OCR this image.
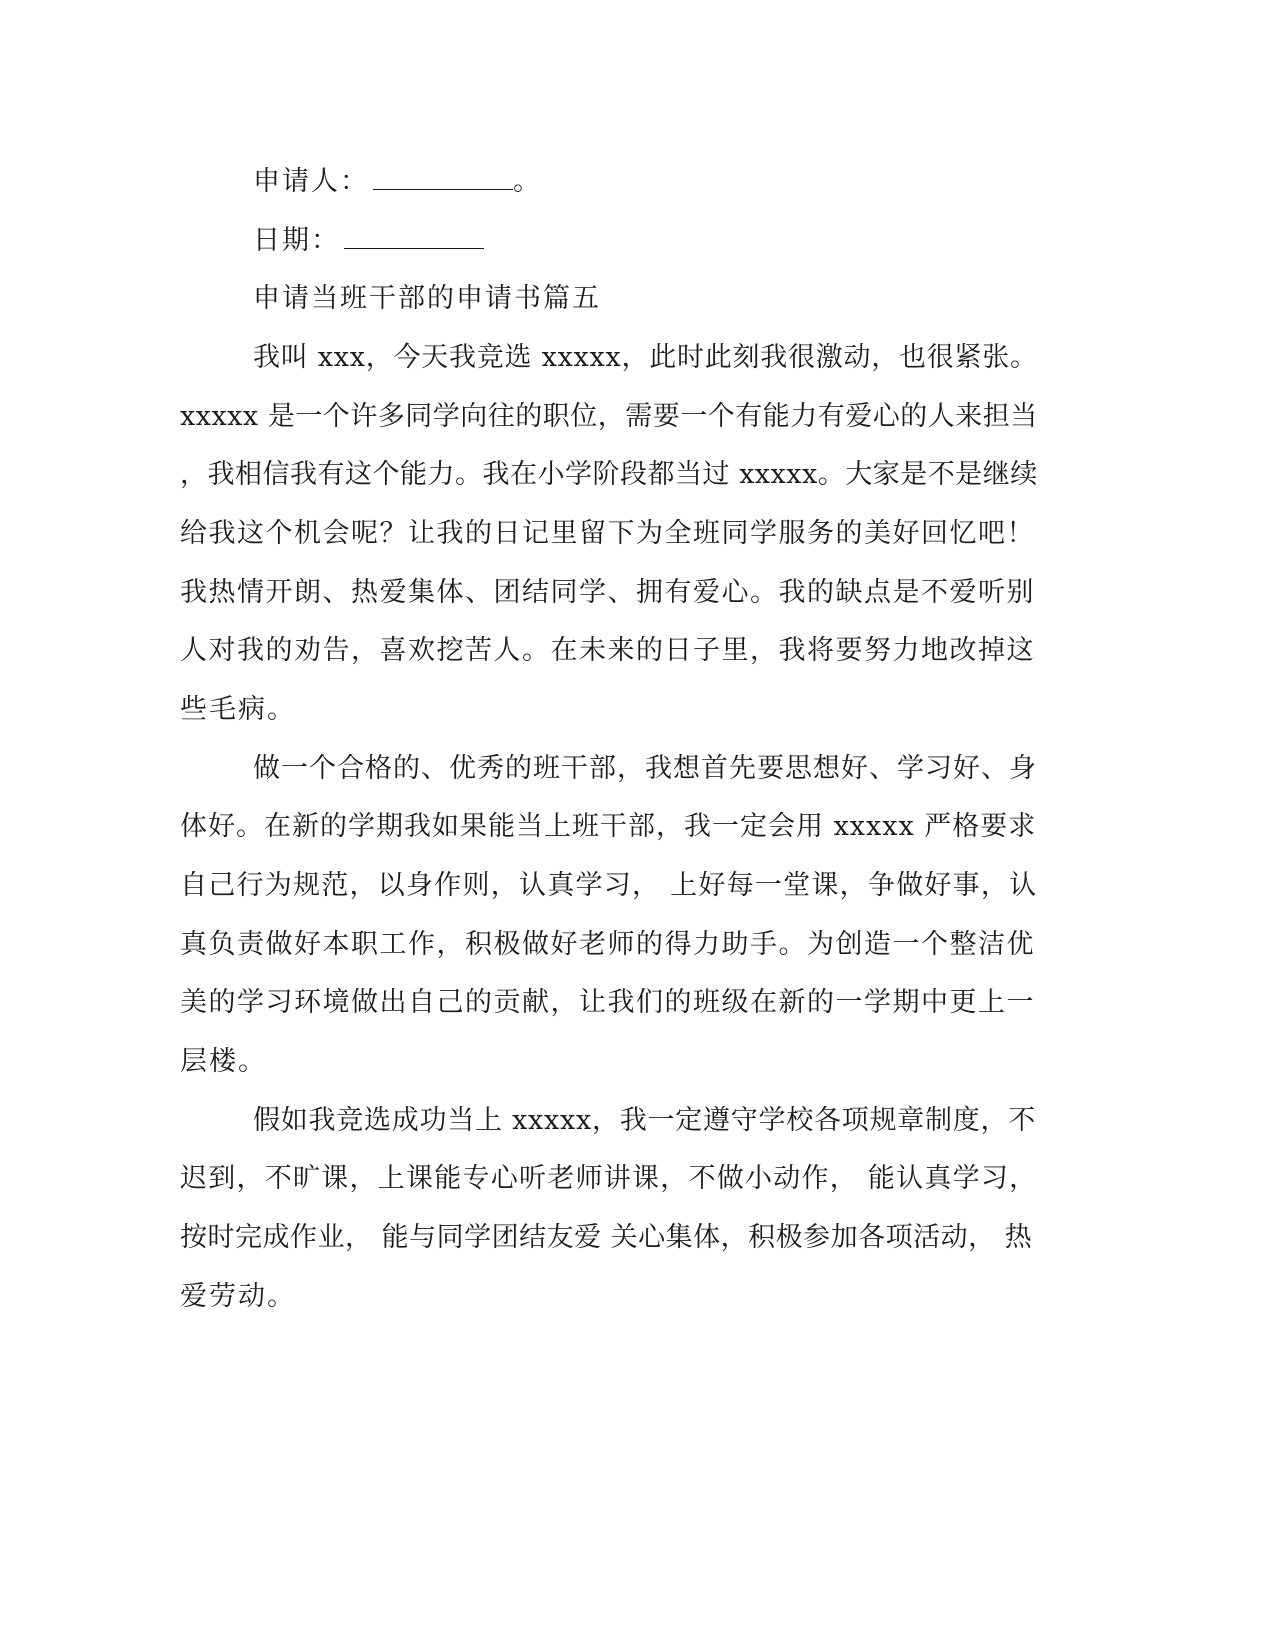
申请人：	。
日期：
申请当班干部的申请书篇五
我叫 xxx，今天我竞选 xxxxx，此时此刻我很激动，也很紧张。
xxxxx 是一个许多同学向往的职位，需要一个有能力有爱心的人来担当
，我相信我有这个能力。我在小学阶段都当过 xxxxx。大家是不是继续
给我这个机会呢？让我的日记里留下为全班同学服务的美好回忆吧！
我热情开朗、热爱集体、团结同学、拥有爱心。我的缺点是不爱听别
人对我的劝告，喜欢挖苦人。在未来的日子里，我将要努力地改掉这
些毛病。
做一个合格的、优秀的班干部，我想首先要思想好、学习好、身
体好。在新的学期我如果能当上班干部，我一定会用 xxxxx 严格要求
自己行为规范，以身作则，认真学习， 上好每一堂课，争做好事，认
真负责做好本职工作，积极做好老师的得力助手。为创造一个整洁优
美的学习环境做出自己的贡献，让我们的班级在新的一学期中更上一
层楼。
假如我竞选成功当上 xxxxx，我一定遵守学校各项规章制度，不
迟到，不旷课，上课能专心听老师讲课，不做小动作， 能认真学习，
按时完成作业， 能与同学团结友爱 关心集体，积极参加各项活动， 热
爱劳动。
